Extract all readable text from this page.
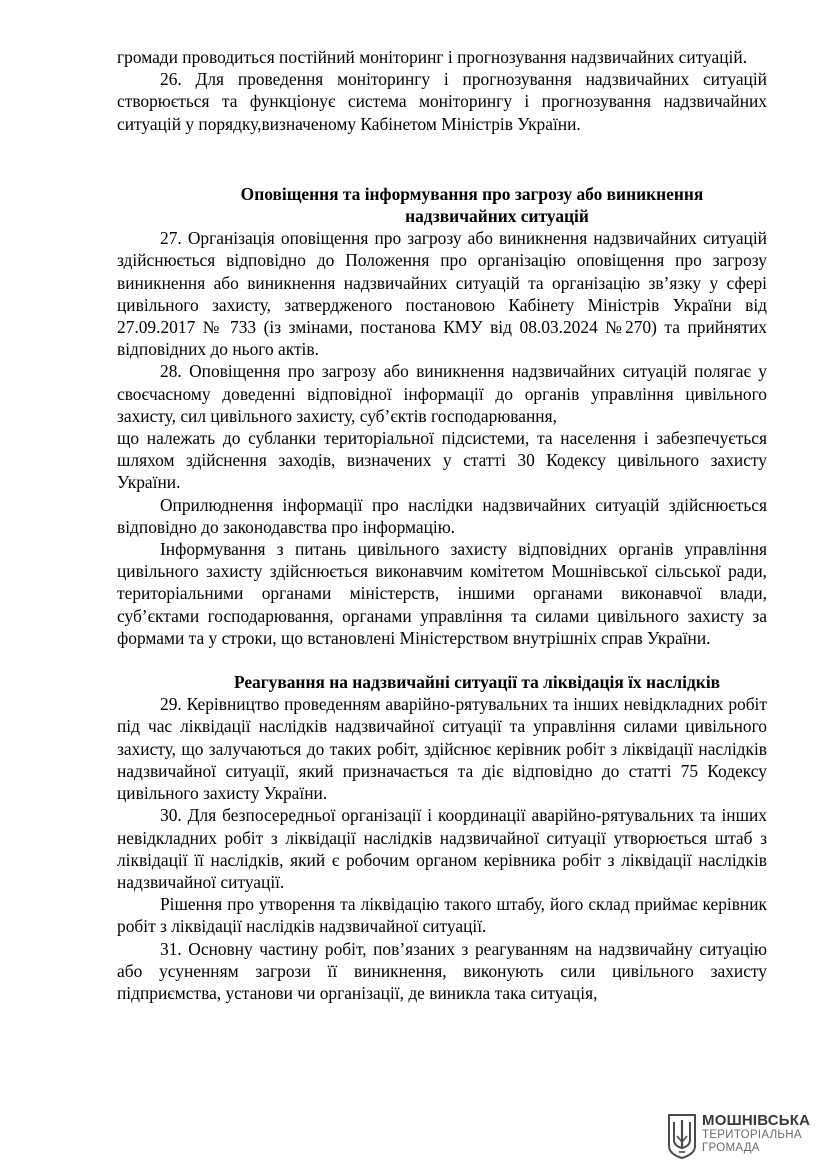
громади проводиться постійний моніторинг і прогнозування надзвичайних ситуацій.

26. Для проведення моніторингу і прогнозування надзвичайних ситуацій створюється та функціонує система моніторингу і прогнозування надзвичайних ситуацій у порядку,визначеному Кабінетом Міністрів України.

Оповіщення та інформування про загрозу або виникнення
надзвичайних ситуацій

27. Організація оповіщення про загрозу або виникнення надзвичайних ситуацій здійснюється відповідно до Положення про організацію оповіщення про загрозу виникнення або виникнення надзвичайних ситуацій та організацію зв’язку у сфері цивільного захисту, затвердженого постановою Кабінету Міністрів України від 27.09.2017 № 733 (із змінами, постанова КМУ від 08.03.2024 №270) та прийнятих відповідних до нього актів.

28. Оповіщення про загрозу або виникнення надзвичайних ситуацій полягає у своєчасному доведенні відповідної інформації до органів управління цивільного захисту, сил цивільного захисту, суб’єктів господарювання,

що належать до субланки територіальної підсистеми, та населення і забезпечується шляхом здійснення заходів, визначених у статті 30 Кодексу цивільного захисту України.

Оприлюднення інформації про наслідки надзвичайних ситуацій здійснюється відповідно до законодавства про інформацію.

Інформування з питань цивільного захисту відповідних органів управління цивільного захисту здійснюється виконавчим комітетом Мошнівської сільської ради, територіальними органами міністерств, іншими органами виконавчої влади, суб’єктами господарювання, органами управління та силами цивільного захисту за формами та у строки, що встановлені Міністерством внутрішніх справ України.

Реагування на надзвичайні ситуації та ліквідація їх наслідків

29. Керівництво проведенням аварійно-рятувальних та інших невідкладних робіт під час ліквідації наслідків надзвичайної ситуації та управління силами цивільного захисту, що залучаються до таких робіт, здійснює керівник робіт з ліквідації наслідків надзвичайної ситуації, який призначається та діє відповідно до статті 75 Кодексу цивільного захисту України.

30. Для безпосередньої організації і координації аварійно-рятувальних та інших невідкладних робіт з ліквідації наслідків надзвичайної ситуації утворюється штаб з ліквідації її наслідків, який є робочим органом керівника робіт з ліквідації наслідків надзвичайної ситуації.

Рішення про утворення та ліквідацію такого штабу, його склад приймає керівник робіт з ліквідації наслідків надзвичайної ситуації.

31. Основну частину робіт, пов’язаних з реагуванням на надзвичайну ситуацію або усуненням загрози її виникнення, виконують сили цивільного захисту підприємства, установи чи організації, де виникла така ситуація,

МОШНІВСЬКА
ТЕРИТОРІАЛЬНА
ГРОМАДА
